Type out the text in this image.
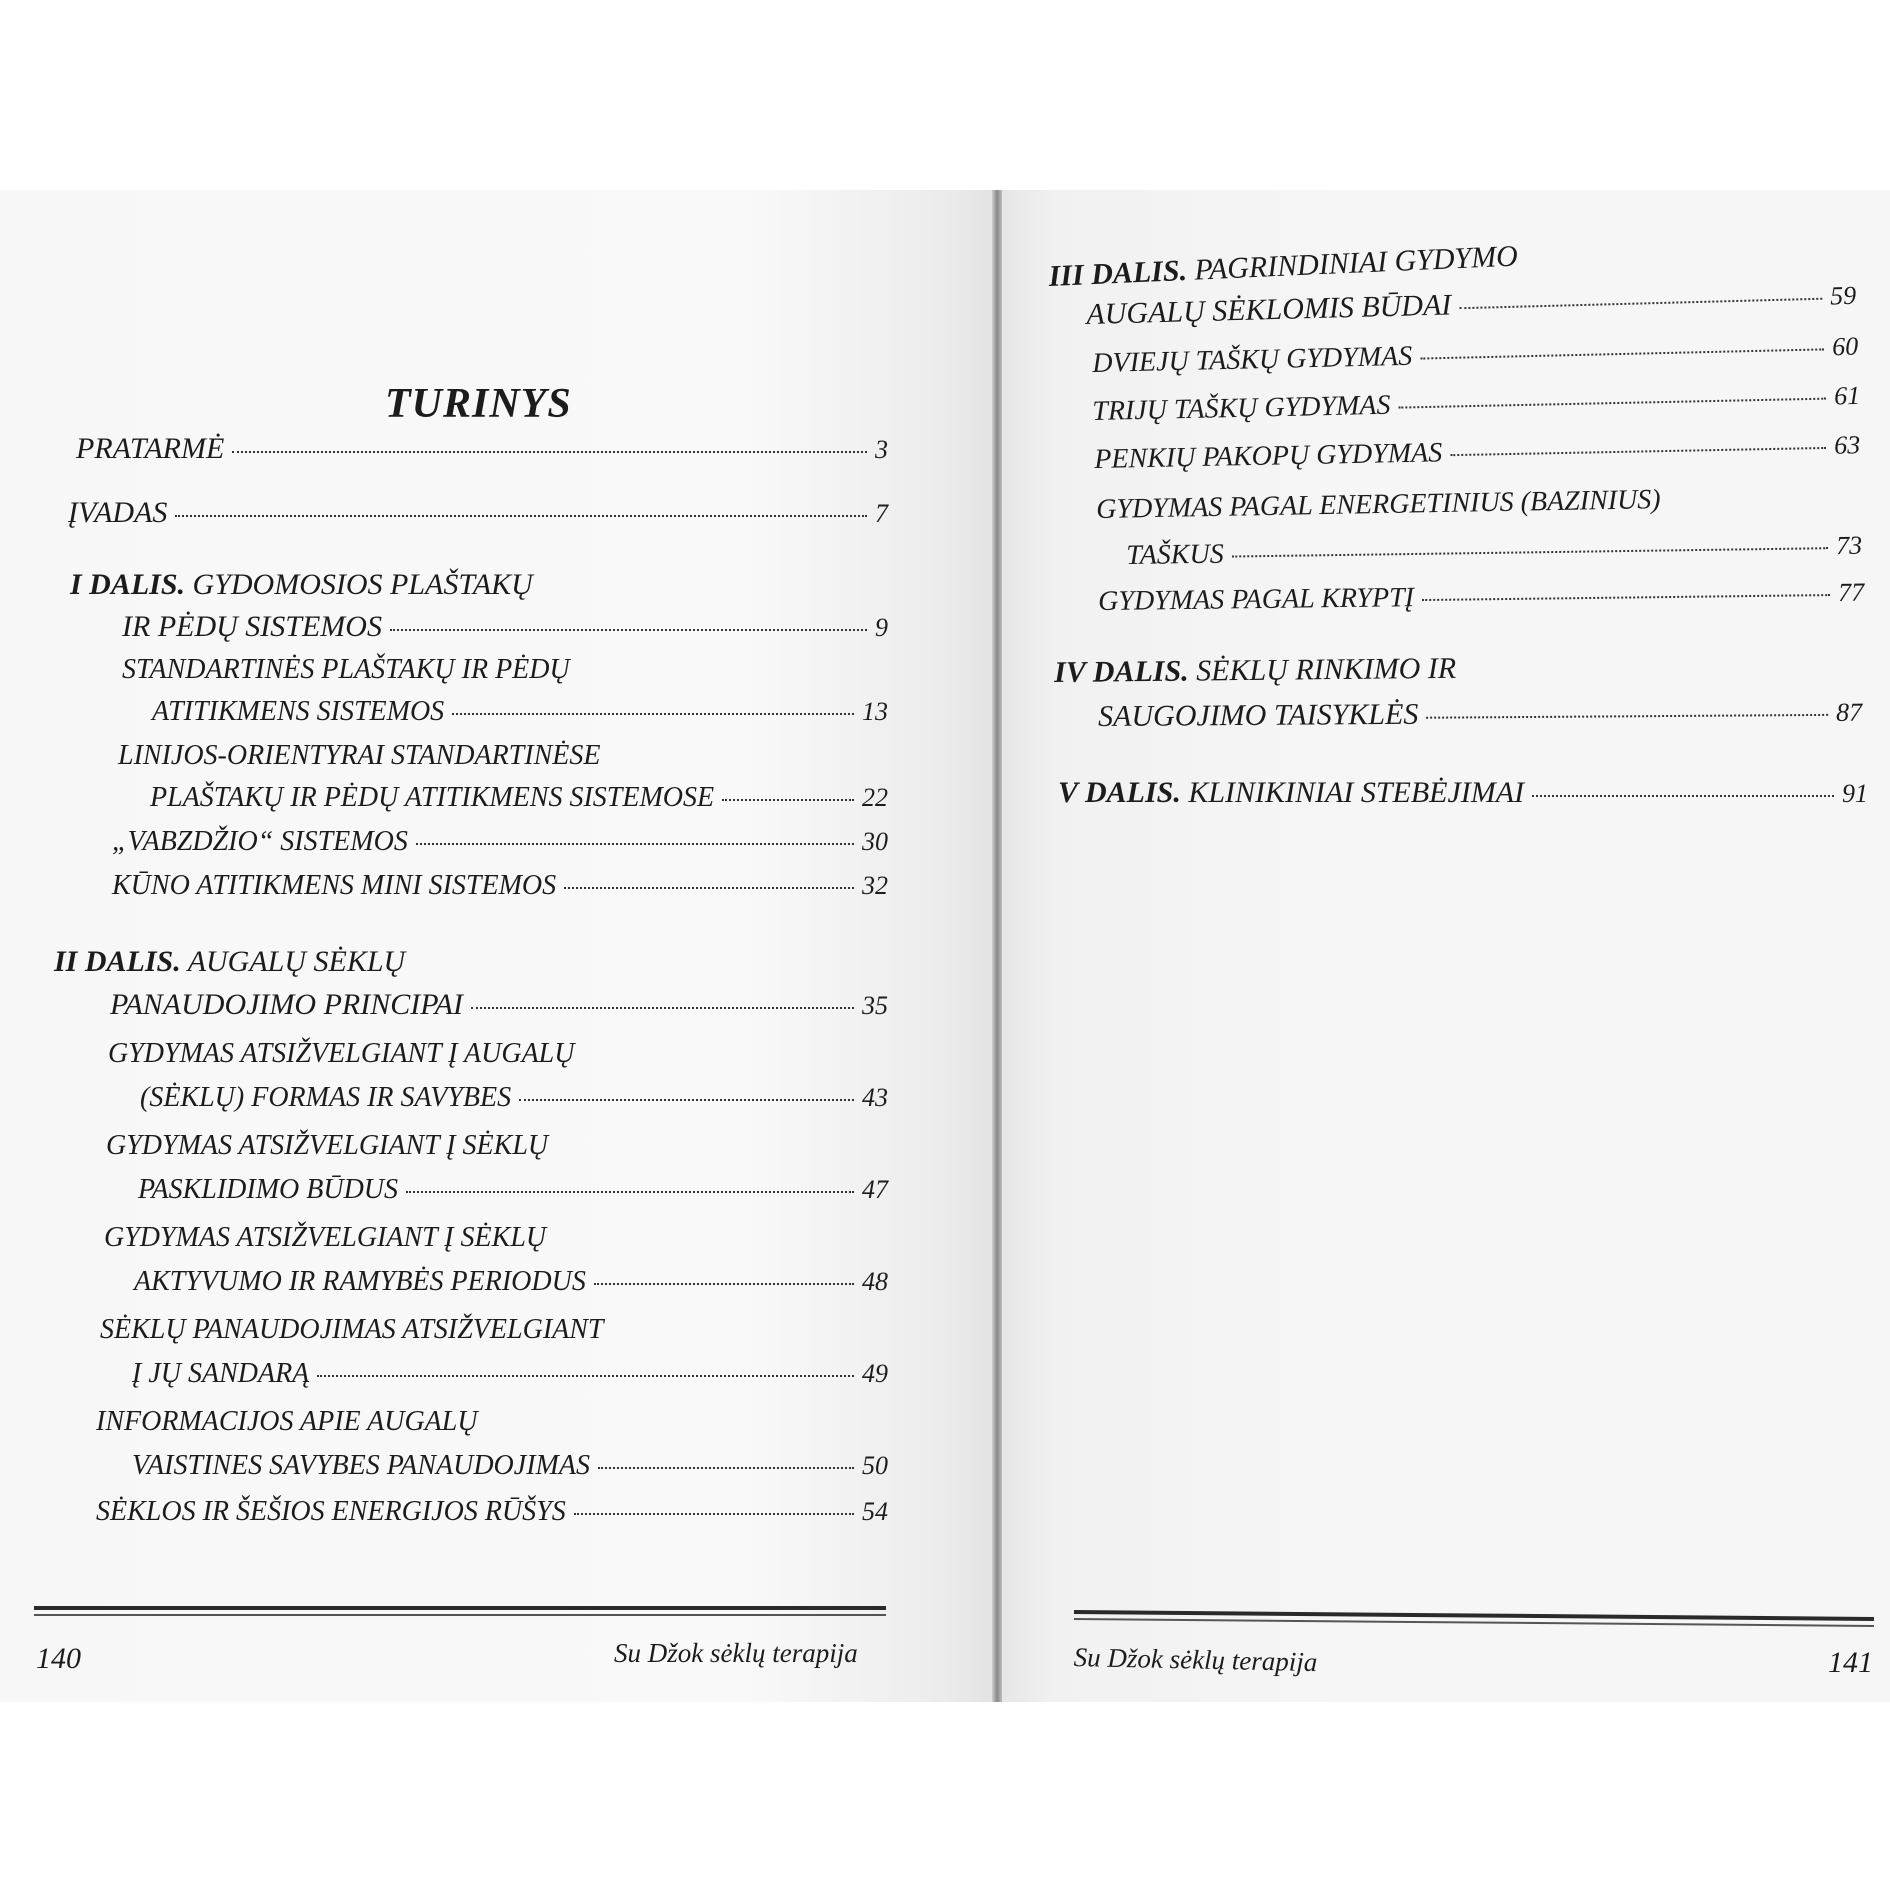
TURINYS
PRATARMĖ	3
ĮVADAS	7
I DALIS. GYDOMOSIOS PLAŠTAKŲ
IR PĖDŲ SISTEMOS	9
STANDARTINĖS PLAŠTAKŲ IR PĖDŲ
ATITIKMENS SISTEMOS	13
LINIJOS-ORIENTYRAI STANDARTINĖSE
PLAŠTAKŲ IR PĖDŲ ATITIKMENS SISTEMOSE	22
„VABZDŽIO“ SISTEMOS	30
KŪNO ATITIKMENS MINI SISTEMOS	32
II DALIS. AUGALŲ SĖKLŲ
PANAUDOJIMO PRINCIPAI	35
GYDYMAS ATSIŽVELGIANT Į AUGALŲ
(SĖKLŲ) FORMAS IR SAVYBES	43
GYDYMAS ATSIŽVELGIANT Į SĖKLŲ
PASKLIDIMO BŪDUS	47
GYDYMAS ATSIŽVELGIANT Į SĖKLŲ
AKTYVUMO IR RAMYBĖS PERIODUS	48
SĖKLŲ PANAUDOJIMAS ATSIŽVELGIANT
Į JŲ SANDARĄ	49
INFORMACIJOS APIE AUGALŲ
VAISTINES SAVYBES PANAUDOJIMAS	50
SĖKLOS IR ŠEŠIOS ENERGIJOS RŪŠYS	54
140	Su Džok sėklų terapija
III DALIS. PAGRINDINIAI GYDYMO
AUGALŲ SĖKLOMIS BŪDAI	59
DVIEJŲ TAŠKŲ GYDYMAS	60
TRIJŲ TAŠKŲ GYDYMAS	61
PENKIŲ PAKOPŲ GYDYMAS	63
GYDYMAS PAGAL ENERGETINIUS (BAZINIUS)
TAŠKUS	73
GYDYMAS PAGAL KRYPTĮ	77
IV DALIS. SĖKLŲ RINKIMO IR
SAUGOJIMO TAISYKLĖS	87
V DALIS. KLINIKINIAI STEBĖJIMAI	91
Su Džok sėklų terapija	141
